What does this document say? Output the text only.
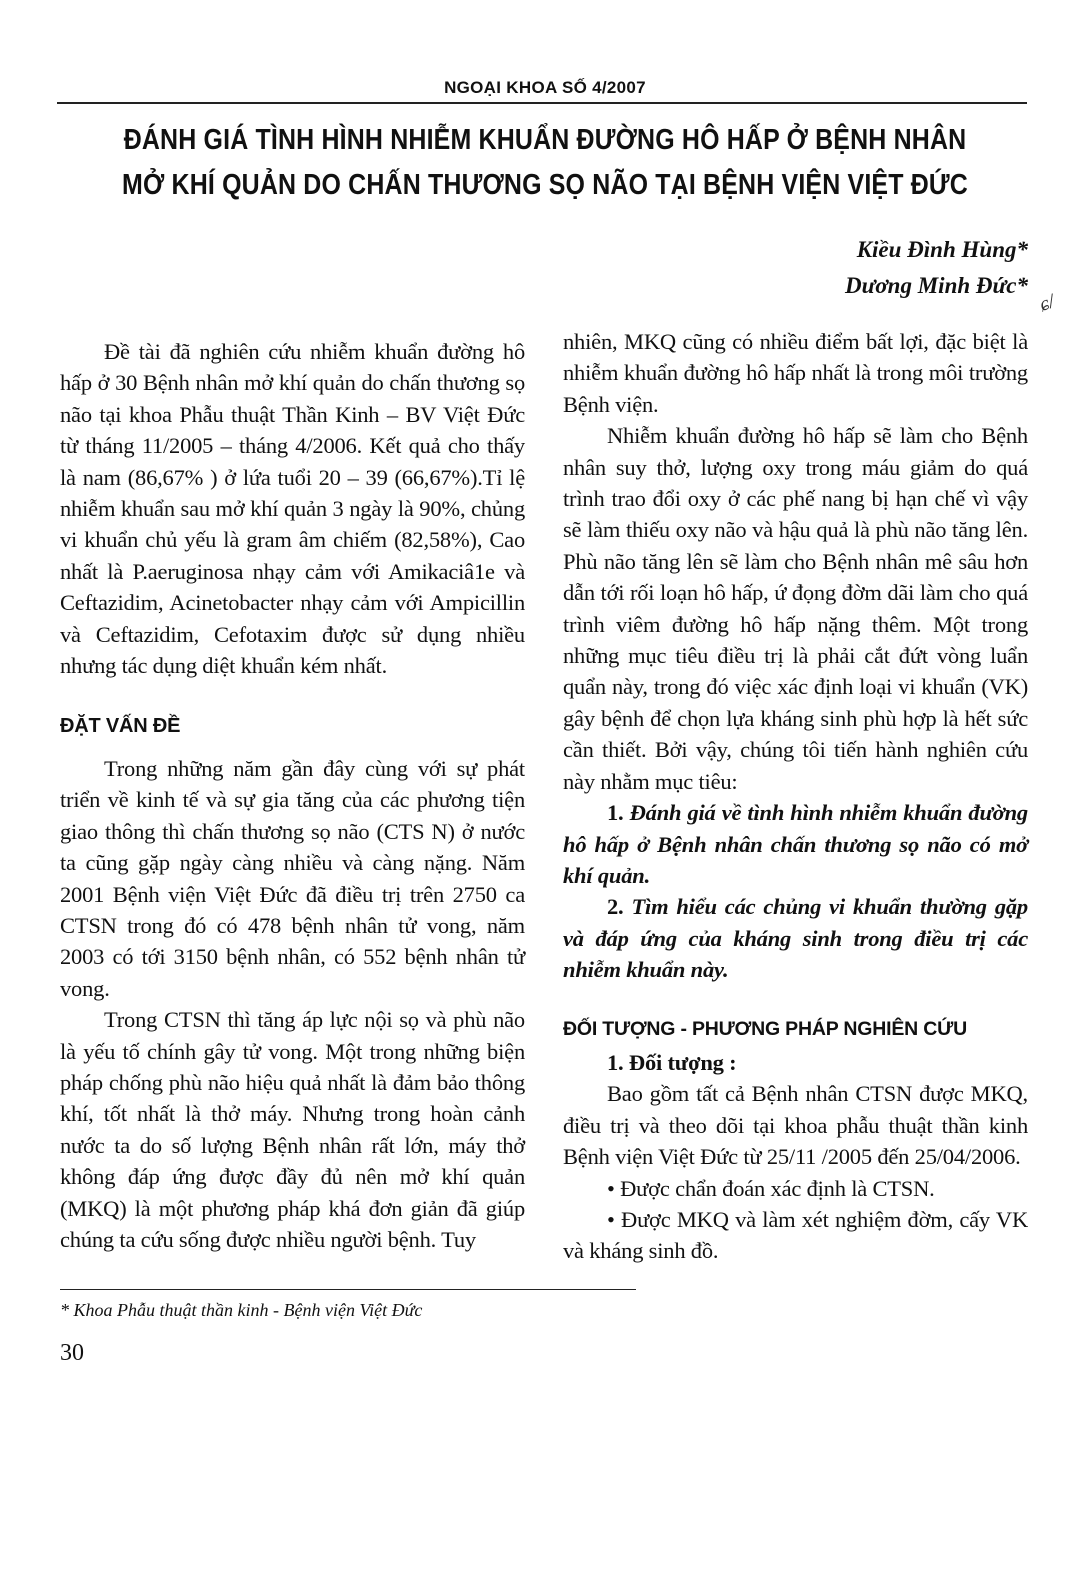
NGOẠI KHOA SỐ 4/2007
ĐÁNH GIÁ TÌNH HÌNH NHIỄM KHUẨN ĐƯỜNG HÔ HẤP Ở BỆNH NHÂN
MỞ KHÍ QUẢN DO CHẤN THƯƠNG SỌ NÃO TẠI BỆNH VIỆN VIỆT ĐỨC
Kiều Đình Hùng*
Dương Minh Đức*
ɕ/

Đề tài đã nghiên cứu nhiễm khuẩn đường hô hấp ở 30 Bệnh nhân mở khí quản do chấn thương sọ não tại khoa Phẫu thuật Thần Kinh – BV Việt Đức từ tháng 11/2005 – tháng 4/2006. Kết quả cho thấy là nam (86,67% ) ở lứa tuổi 20 – 39 (66,67%).Tỉ lệ nhiễm khuẩn sau mở khí quản 3 ngày là 90%, chủng vi khuẩn chủ yếu là gram âm chiếm (82,58%), Cao nhất là P.aeruginosa nhạy cảm với Amikaciâ1e và Ceftazidim, Acinetobacter nhạy cảm với Ampicillin và Ceftazidim, Cefotaxim được sử dụng nhiều nhưng tác dụng diệt khuẩn kém nhất.

ĐẶT VẤN ĐỀ

Trong những năm gần đây cùng với sự phát triển về kinh tế và sự gia tăng của các phương tiện giao thông thì chấn thương sọ não (CTS N) ở nước ta cũng gặp ngày càng nhiều và càng nặng. Năm 2001 Bệnh viện Việt Đức đã điều trị trên 2750 ca CTSN trong đó có 478 bệnh nhân tử vong, năm 2003 có tới 3150 bệnh nhân, có 552 bệnh nhân tử vong.

Trong CTSN thì tăng áp lực nội sọ và phù não là yếu tố chính gây tử vong. Một trong những biện pháp chống phù não hiệu quả nhất là đảm bảo thông khí, tốt nhất là thở máy. Nhưng trong hoàn cảnh nước ta do số lượng Bệnh nhân rất lớn, máy thở không đáp ứng được đầy đủ nên mở khí quản (MKQ) là một phương pháp khá đơn giản đã giúp chúng ta cứu sống được nhiều người bệnh. Tuy

nhiên, MKQ cũng có nhiều điểm bất lợi, đặc biệt là nhiễm khuẩn đường hô hấp nhất là trong môi trường Bệnh viện.

Nhiễm khuẩn đường hô hấp sẽ làm cho Bệnh nhân suy thở, lượng oxy trong máu giảm do quá trình trao đổi oxy ở các phế nang bị hạn chế vì vậy sẽ làm thiếu oxy não và hậu quả là phù não tăng lên. Phù não tăng lên sẽ làm cho Bệnh nhân mê sâu hơn dẫn tới rối loạn hô hấp, ứ đọng đờm dãi làm cho quá trình viêm đường hô hấp nặng thêm. Một trong những mục tiêu điều trị là phải cắt đứt vòng luẩn quẩn này, trong đó việc xác định loại vi khuẩn (VK) gây bệnh để chọn lựa kháng sinh phù hợp là hết sức cần thiết. Bởi vậy, chúng tôi tiến hành nghiên cứu này nhằm mục tiêu:

1. Đánh giá về tình hình nhiễm khuẩn đường hô hấp ở Bệnh nhân chấn thương sọ não có mở khí quản.

2. Tìm hiểu các chủng vi khuẩn thường gặp và đáp ứng của kháng sinh trong điều trị các nhiễm khuẩn này.

ĐỐI TƯỢNG - PHƯƠNG PHÁP NGHIÊN CỨU

1. Đối tượng :

Bao gồm tất cả Bệnh nhân CTSN được MKQ, điều trị và theo dõi tại khoa phẫu thuật thần kinh Bệnh viện Việt Đức từ 25/11 /2005 đến 25/04/2006.

• Được chẩn đoán xác định là CTSN.
• Được MKQ và làm xét nghiệm đờm, cấy VK và kháng sinh đồ.
* Khoa Phẫu thuật thần kinh - Bệnh viện Việt Đức
30
